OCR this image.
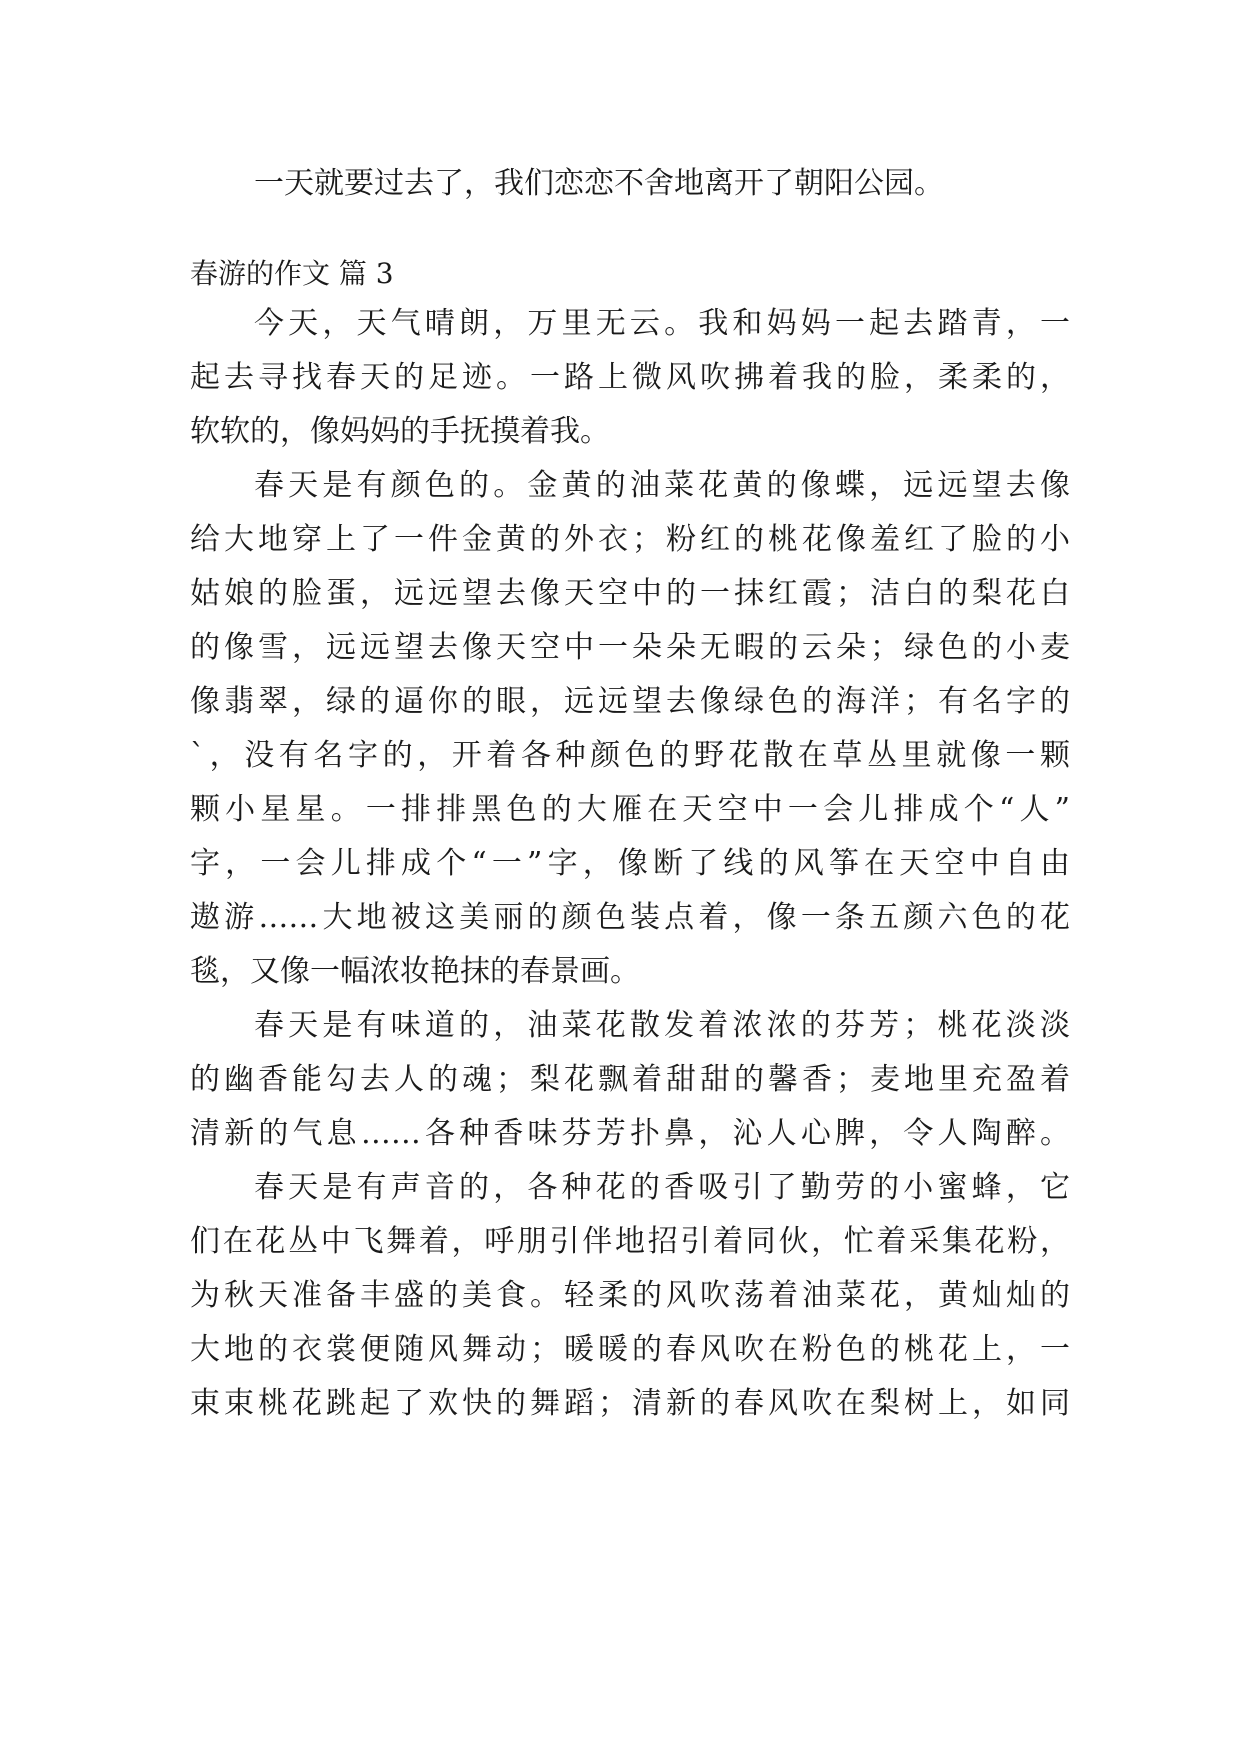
一天就要过去了，我们恋恋不舍地离开了朝阳公园。
春游的作文 篇 3
今天，天气晴朗，万里无云。我和妈妈一起去踏青，一
起去寻找春天的足迹。一路上微风吹拂着我的脸，柔柔的，
软软的，像妈妈的手抚摸着我。
春天是有颜色的。金黄的油菜花黄的像蝶，远远望去像
给大地穿上了一件金黄的外衣；粉红的桃花像羞红了脸的小
姑娘的脸蛋，远远望去像天空中的一抹红霞；洁白的梨花白
的像雪，远远望去像天空中一朵朵无暇的云朵；绿色的小麦
像翡翠，绿的逼你的眼，远远望去像绿色的海洋；有名字的
`，没有名字的，开着各种颜色的野花散在草丛里就像一颗
颗小星星。一排排黑色的大雁在天空中一会儿排成个“人”
字，一会儿排成个“一”字，像断了线的风筝在天空中自由
遨游……大地被这美丽的颜色装点着，像一条五颜六色的花
毯，又像一幅浓妆艳抹的春景画。
春天是有味道的，油菜花散发着浓浓的芬芳；桃花淡淡
的幽香能勾去人的魂；梨花飘着甜甜的馨香；麦地里充盈着
清新的气息……各种香味芬芳扑鼻，沁人心脾，令人陶醉。
春天是有声音的，各种花的香吸引了勤劳的小蜜蜂，它
们在花丛中飞舞着，呼朋引伴地招引着同伙，忙着采集花粉，
为秋天准备丰盛的美食。轻柔的风吹荡着油菜花，黄灿灿的
大地的衣裳便随风舞动；暖暖的春风吹在粉色的桃花上，一
束束桃花跳起了欢快的舞蹈；清新的春风吹在梨树上，如同
